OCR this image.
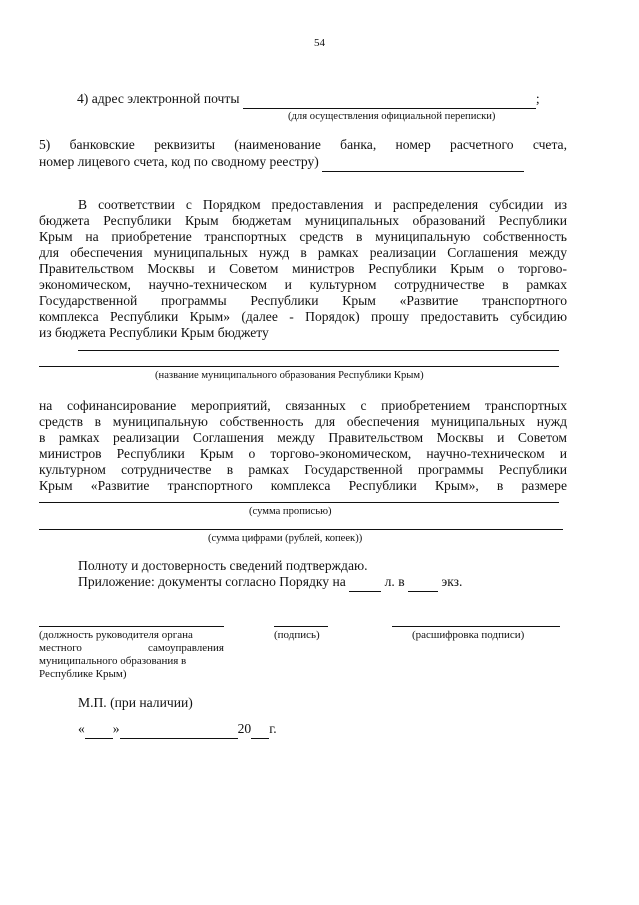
54
4) адрес электронной почты	;
(для осуществления официальной переписки)
5) банковские реквизиты (наименование банка, номер расчетного счета,
номер лицевого счета, код по сводному реестру)
В соответствии с Порядком предоставления и распределения субсидии из
бюджета Республики Крым бюджетам муниципальных образований Республики
Крым на приобретение транспортных средств в муниципальную собственность
для обеспечения муниципальных нужд в рамках реализации Соглашения между
Правительством Москвы и Советом министров Республики Крым о торгово-
экономическом, научно-техническом и культурном сотрудничестве в рамках
Государственной программы Республики Крым «Развитие транспортного
комплекса Республики Крым» (далее - Порядок) прошу предоставить субсидию
из бюджета Республики Крым бюджету
(название муниципального образования Республики Крым)
на софинансирование мероприятий, связанных с приобретением транспортных
средств в муниципальную собственность для обеспечения муниципальных нужд
в рамках реализации Соглашения между Правительством Москвы и Советом
министров Республики Крым о торгово-экономическом, научно-техническом и
культурном сотрудничестве в рамках Государственной программы Республики
Крым «Развитие транспортного комплекса Республики Крым», в размере
(сумма прописью)
(сумма цифрами (рублей, копеек))
Полноту и достоверность сведений подтверждаю.
Приложение: документы согласно Порядку на	л. в	экз.
(должность руководителя органа
местного самоуправления
муниципального образования в
Республике Крым)
(подпись)	(расшифровка подписи)
М.П. (при наличии)
« »	20 г.
